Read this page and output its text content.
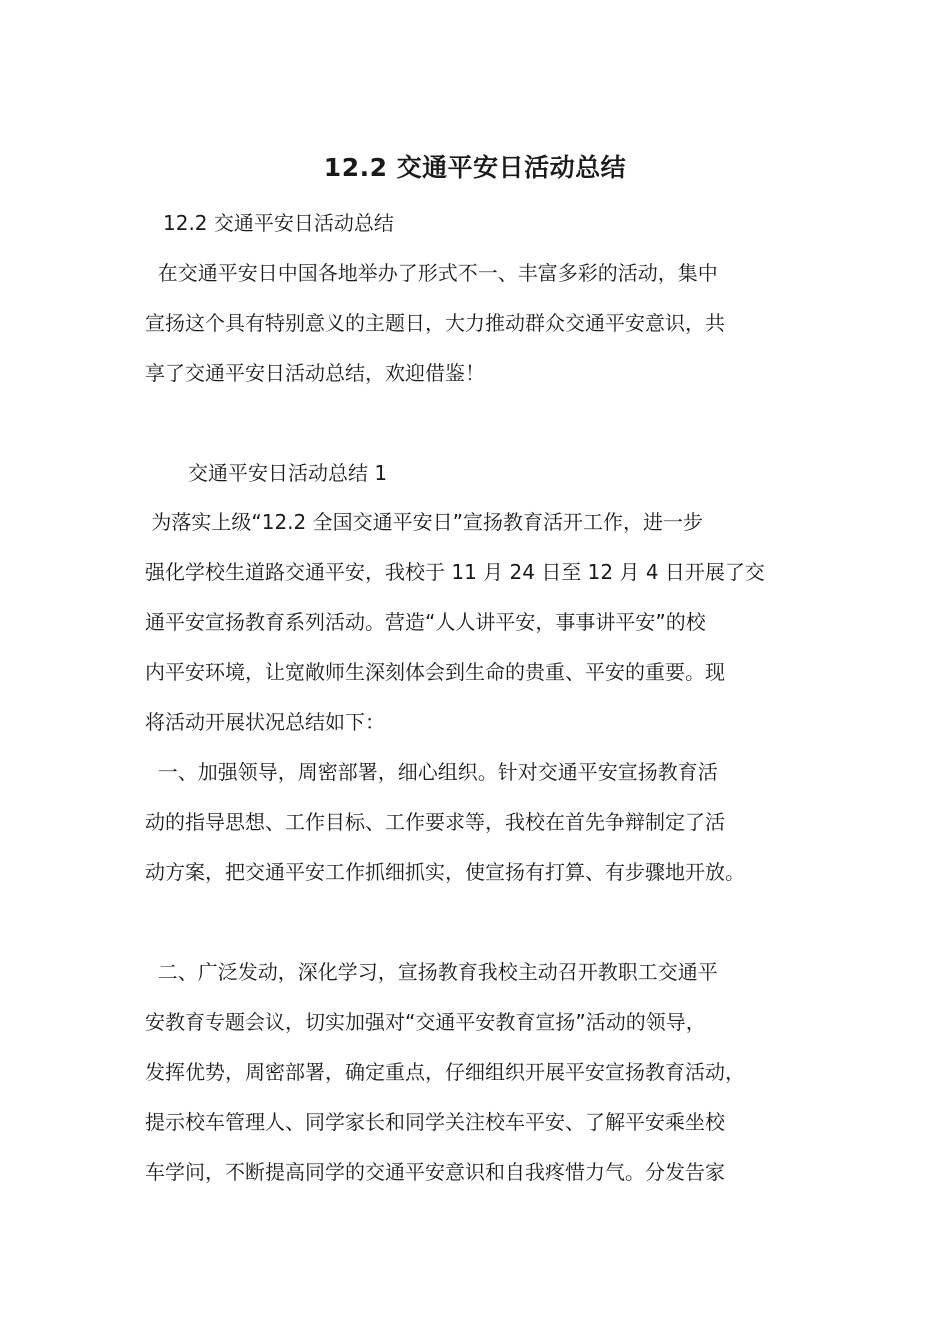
12.2 交通平安日活动总结

12.2 交通平安日活动总结

在交通平安日中国各地举办了形式不一、丰富多彩的活动，集中
宣扬这个具有特别意义的主题日，大力推动群众交通平安意识，共
享了交通平安日活动总结，欢迎借鉴！

交通平安日活动总结 1

为落实上级“12.2 全国交通平安日”宣扬教育活开工作，进一步
强化学校生道路交通平安，我校于 11 月 24 日至 12 月 4 日开展了交
通平安宣扬教育系列活动。营造“人人讲平安，事事讲平安”的校
内平安环境，让宽敞师生深刻体会到生命的贵重、平安的重要。现
将活动开展状况总结如下：
一、加强领导，周密部署，细心组织。针对交通平安宣扬教育活
动的指导思想、工作目标、工作要求等，我校在首先争辩制定了活
动方案，把交通平安工作抓细抓实，使宣扬有打算、有步骤地开放。
二、广泛发动，深化学习，宣扬教育我校主动召开教职工交通平
安教育专题会议，切实加强对“交通平安教育宣扬”活动的领导，
发挥优势，周密部署，确定重点，仔细组织开展平安宣扬教育活动，
提示校车管理人、同学家长和同学关注校车平安、了解平安乘坐校
车学问，不断提高同学的交通平安意识和自我疼惜力气。分发告家
